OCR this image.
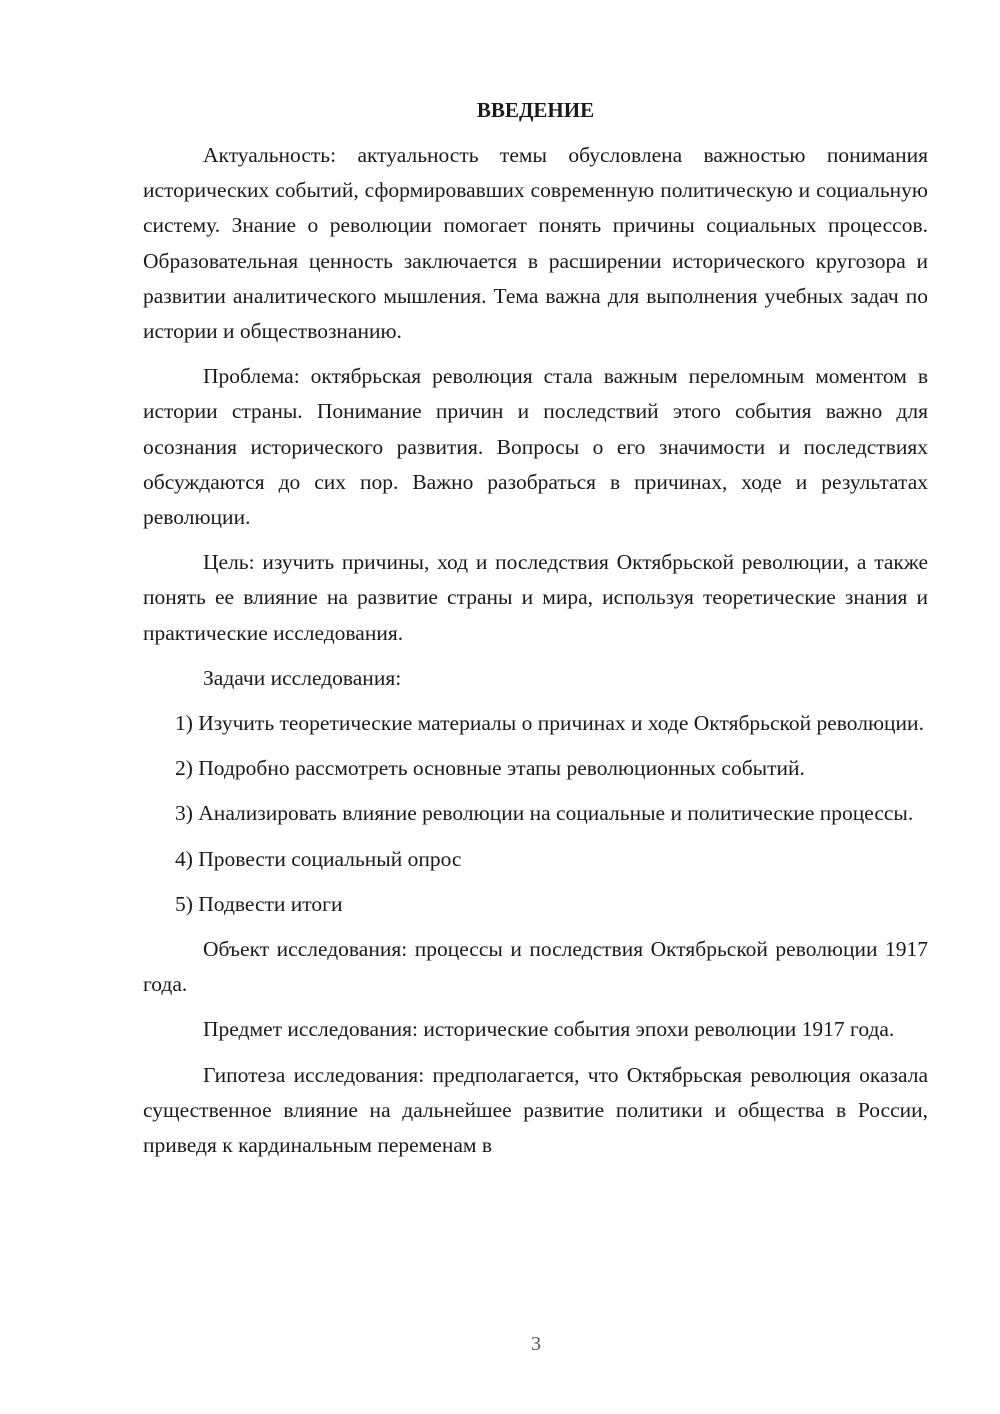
ВВЕДЕНИЕ

Актуальность: актуальность темы обусловлена важностью понимания исторических событий, сформировавших современную политическую и социальную систему. Знание о революции помогает понять причины социальных процессов. Образовательная ценность заключается в расширении исторического кругозора и развитии аналитического мышления. Тема важна для выполнения учебных задач по истории и обществознанию.

Проблема: октябрьская революция стала важным переломным моментом в истории страны. Понимание причин и последствий этого события важно для осознания исторического развития. Вопросы о его значимости и последствиях обсуждаются до сих пор. Важно разобраться в причинах, ходе и результатах революции.

Цель: изучить причины, ход и последствия Октябрьской революции, а также понять ее влияние на развитие страны и мира, используя теоретические знания и практические исследования.

Задачи исследования:

1) Изучить теоретические материалы о причинах и ходе Октябрьской революции.

2) Подробно рассмотреть основные этапы революционных событий.

3) Анализировать влияние революции на социальные и политические процессы.

4) Провести социальный опрос

5) Подвести итоги

Объект исследования: процессы и последствия Октябрьской революции 1917 года.

Предмет исследования: исторические события эпохи революции 1917 года.

Гипотеза исследования: предполагается, что Октябрьская революция оказала существенное влияние на дальнейшее развитие политики и общества в России, приведя к кардинальным переменам в

3
